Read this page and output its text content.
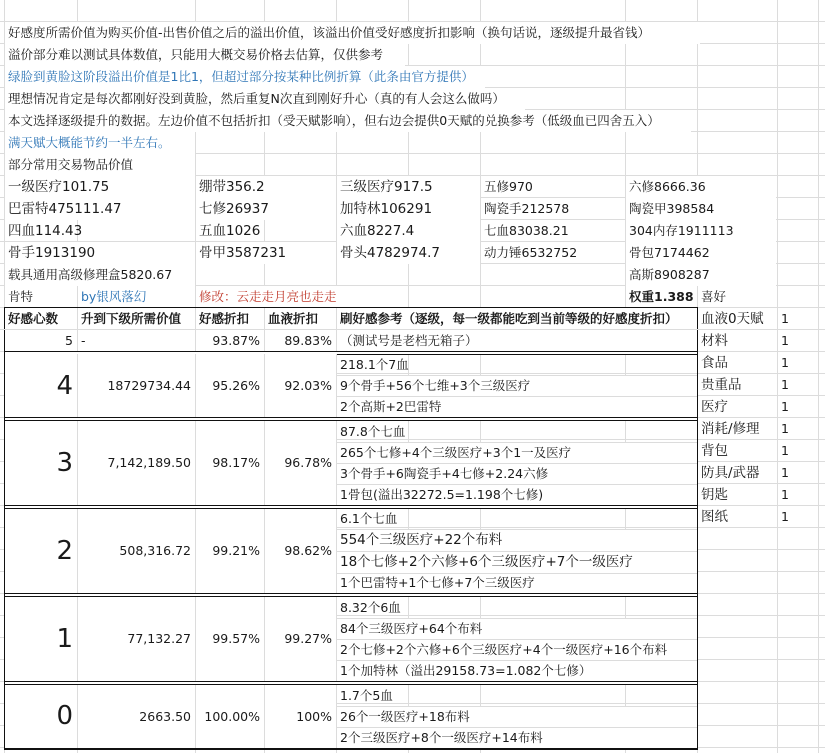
好感度所需价值为购买价值-出售价值之后的溢出价值，该溢出价值受好感度折扣影响（换句话说，逐级提升最省钱）
溢价部分难以测试具体数值，只能用大概交易价格去估算，仅供参考
绿脸到黄脸这阶段溢出价值是1比1，但超过部分按某种比例折算（此条由官方提供）
理想情况肯定是每次都刚好没到黄脸，然后重复N次直到刚好升心（真的有人会这么做吗）
本文选择逐级提升的数据。左边价值不包括折扣（受天赋影响），但右边会提供0天赋的兑换参考（低级血已四舍五入）
满天赋大概能节约一半左右。
部分常用交易物品价值
一级医疗101.75	绷带356.2	三级医疗917.5	五修970	六修8666.36
巴雷特475111.47	七修26937	加特林106291	陶瓷手212578	陶瓷甲398584
四血114.43	五血1026	六血8227.4	七血83038.21	304内存1911113
骨手1913190	骨甲3587231	骨头4782974.7	动力锤6532752	骨包7174462
载具通用高级修理盒5820.67	高斯8908287
肯特	by银风落幻	修改：云走走月亮也走走	权重1.388 喜好
好感心数	升到下级所需价值	好感折扣	血液折扣	刷好感参考（逐级，每一级都能吃到当前等级的好感度折扣）
5 -	93.87%	89.83% （测试号是老档无箱子）
4	18729734.44	95.26%	92.03%
218.1个7血
9个骨手+56个七维+3个三级医疗
2个高斯+2巴雷特
3	7,142,189.50	98.17%	96.78%
87.8个七血
265个七修+4个三级医疗+3个1一及医疗
3个骨手+6陶瓷手+4七修+2.24六修
1骨包(溢出32272.5=1.198个七修)
2	508,316.72	99.21%	98.62%
6.1个七血
554个三级医疗+22个布料
18个七修+2个六修+6个三级医疗+7个一级医疗
1个巴雷特+1个七修+7个三级医疗
1	77,132.27	99.57%	99.27%
8.32个6血
84个三级医疗+64个布料
2个七修+2个六修+6个三级医疗+4个一级医疗+16个布料
1个加特林（溢出29158.73=1.082个七修）
0	2663.50	100.00%	100%
1.7个5血
26个一级医疗+18布料
2个三级医疗+8个一级医疗+14布料
血液0天赋	1
材料	1
食品	1
贵重品	1
医疗	1
消耗/修理	1
背包	1
防具/武器	1
钥匙	1
图纸	1
